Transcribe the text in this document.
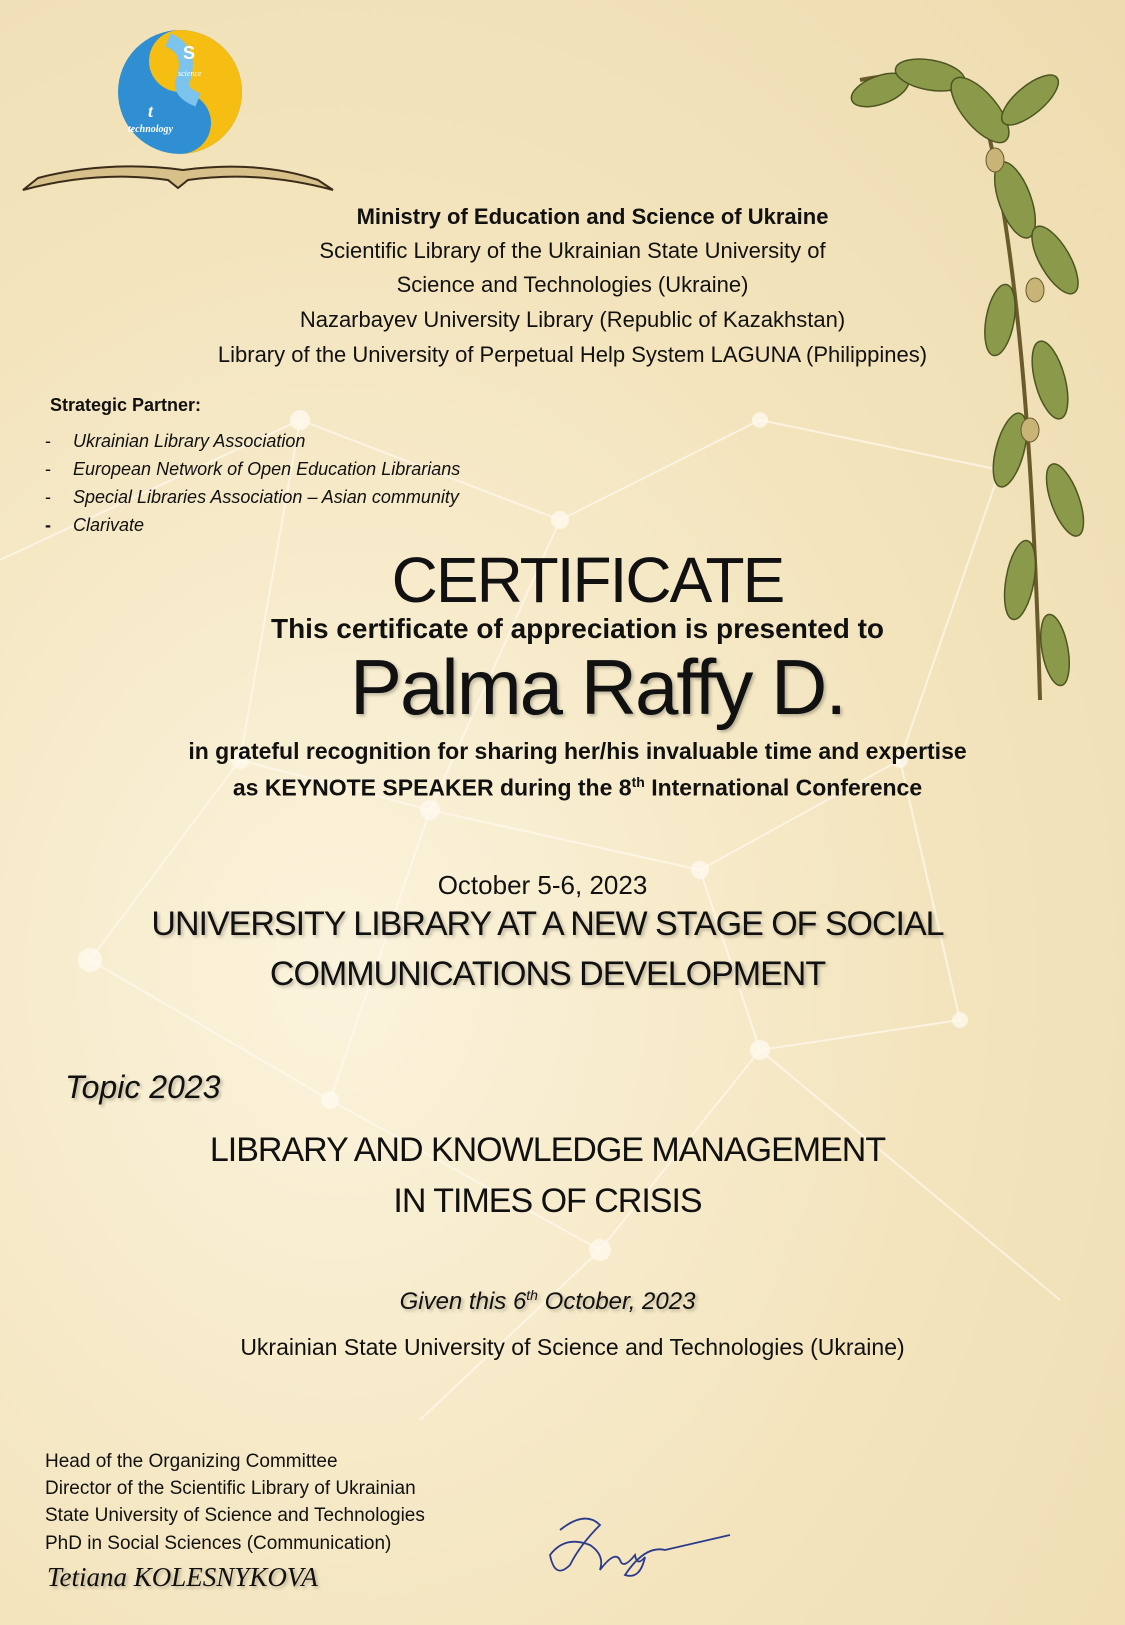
S
science
t
technology
Ministry of Education and Science of Ukraine
Scientific Library of the Ukrainian State University of
Science and Technologies (Ukraine)
Nazarbayev University Library (Republic of Kazakhstan)
Library of the University of Perpetual Help System LAGUNA (Philippines)
Strategic Partner:
- Ukrainian Library Association
- European Network of Open Education Librarians
- Special Libraries Association – Asian community
- Clarivate
CERTIFICATE
This certificate of appreciation is presented to
Palma Raffy D.
in grateful recognition for sharing her/his invaluable time and expertise
as KEYNOTE SPEAKER during the 8th International Conference
October 5-6, 2023
UNIVERSITY LIBRARY AT A NEW STAGE OF SOCIAL
COMMUNICATIONS DEVELOPMENT
Topic 2023
LIBRARY AND KNOWLEDGE MANAGEMENT
IN TIMES OF CRISIS
Given this 6th October, 2023
Ukrainian State University of Science and Technologies (Ukraine)
Head of the Organizing Committee
Director of the Scientific Library of Ukrainian
State University of Science and Technologies
PhD in Social Sciences (Communication)
Tetiana KOLESNYKOVA
